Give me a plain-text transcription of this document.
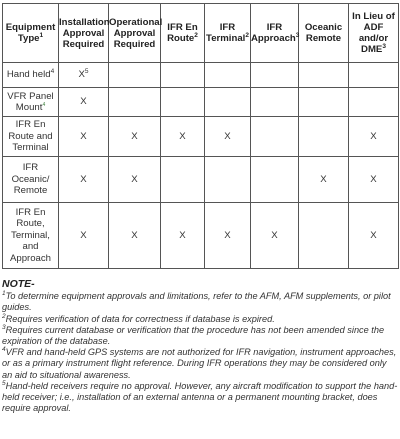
Equipment Type$^1$	Installation Approval Required	Operational Approval Required	IFR En Route$^2$	IFR Terminal$^2$	IFR Approach$^3$	Oceanic Remote	In Lieu of ADF and/or DME$^3$
Hand held$^4$	$X^5$						
VFR Panel Mount$^4$	X						
IFR En Route and Terminal	X	X	X	X			X
IFR Oceanic/ Remote	X	X				X	X
IFR En Route, Terminal, and Approach	X	X	X	X	X		X
NOTE-

$^1$To determine equipment approvals and limitations, refer to the AFM, AFM supplements, or pilot guides.

$^2$Requires verification of data for correctness if database is expired.

$^3$Requires current database or verification that the procedure has not been amended since the expiration of the database.

$^4$VFR and hand-held GPS systems are not authorized for IFR navigation, instrument approaches, or as a primary instrument flight reference. During IFR operations they may be considered only an aid to situational awareness.

$^5$Hand-held receivers require no approval. However, any aircraft modification to support the hand-held receiver; i.e., installation of an external antenna or a permanent mounting bracket, does require approval.
